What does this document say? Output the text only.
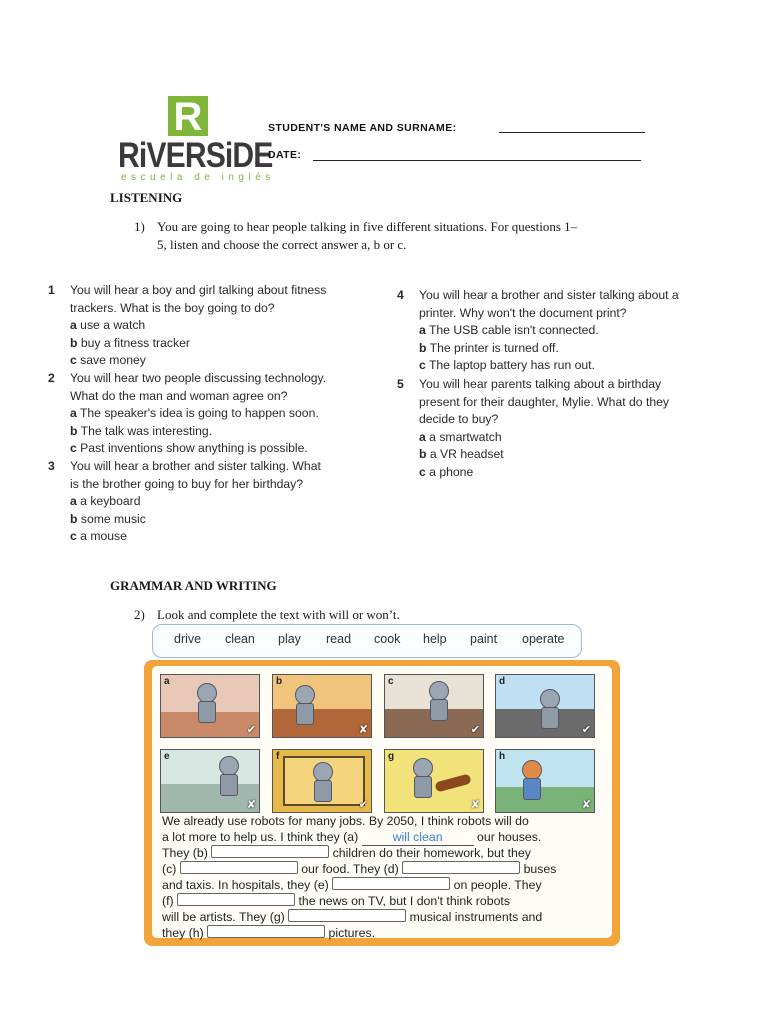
R
RiVERSiDE
escuela de inglés
STUDENT'S NAME AND SURNAME:
DATE:
LISTENING
1) You are going to hear people talking in five different situations. For questions 1–
5, listen and choose the correct answer a, b or c.
1 You will hear a boy and girl talking about fitness
trackers. What is the boy going to do?
a use a watch
b buy a fitness tracker
c save money
2 You will hear two people discussing technology.
What do the man and woman agree on?
a The speaker's idea is going to happen soon.
b The talk was interesting.
c Past inventions show anything is possible.
3 You will hear a brother and sister talking. What
is the brother going to buy for her birthday?
a a keyboard
b some music
c a mouse
4 You will hear a brother and sister talking about a
printer. Why won't the document print?
a The USB cable isn't connected.
b The printer is turned off.
c The laptop battery has run out.
5 You will hear parents talking about a birthday
present for their daughter, Mylie. What do they
decide to buy?
a a smartwatch
b a VR headset
c a phone
GRAMMAR AND WRITING
2) Look and complete the text with will or won’t.
drive clean play read cook help paint operate
a
✔
b
✘
c
✔
d
✔
e
✘
f
✔
g
✘
h
✘
We already use robots for many jobs. By 2050, I think robots will do
a lot more to help us. I think they (a)	will clean	our houses.
They (b)	children do their homework, but they
(c)	our food. They (d)	buses
and taxis. In hospitals, they (e)	on people. They
(f)	the news on TV, but I don't think robots
will be artists. They (g)	musical instruments and
they (h)	pictures.
